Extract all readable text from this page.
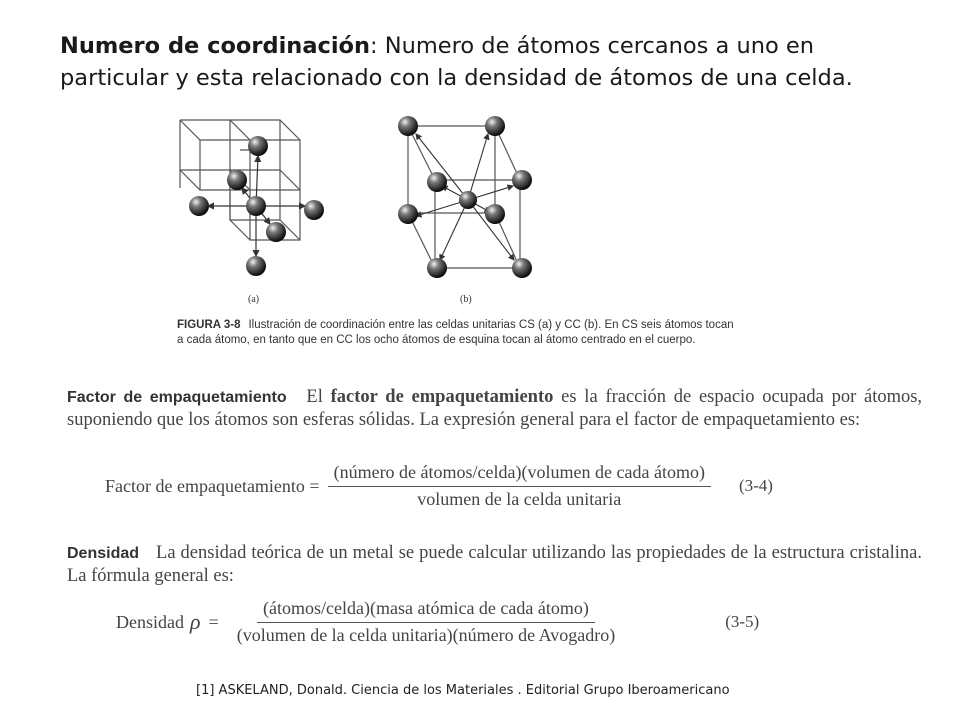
Numero de coordinación: Numero de átomos cercanos a uno en particular y esta relacionado con la densidad de átomos de una celda.
(a)	(b)
FIGURA 3-8 Ilustración de coordinación entre las celdas unitarias CS (a) y CC (b). En CS seis átomos tocan a cada átomo, en tanto que en CC los ocho átomos de esquina tocan al átomo centrado en el cuerpo.
Factor de empaquetamiento El factor de empaquetamiento es la fracción de espacio ocupada por átomos, suponiendo que los átomos son esferas sólidas. La expresión general para el factor de empaquetamiento es:
Factor de empaquetamiento = $\frac{\text{(número de átomos/celda)(volumen de cada átomo)}}{\text{volumen de la celda unitaria}} (3-4)$
Densidad La densidad teórica de un metal se puede calcular utilizando las propiedades de la estructura cristalina. La fórmula general es:
Densidad $\rho = \frac{\text{(átomos/celda)(masa atómica de cada átomo)}}{\text{(volumen de la celda unitaria)(número de Avogadro)}}$	(3-5)
[1] ASKELAND, Donald. Ciencia de los Materiales . Editorial Grupo Iberoamericano
